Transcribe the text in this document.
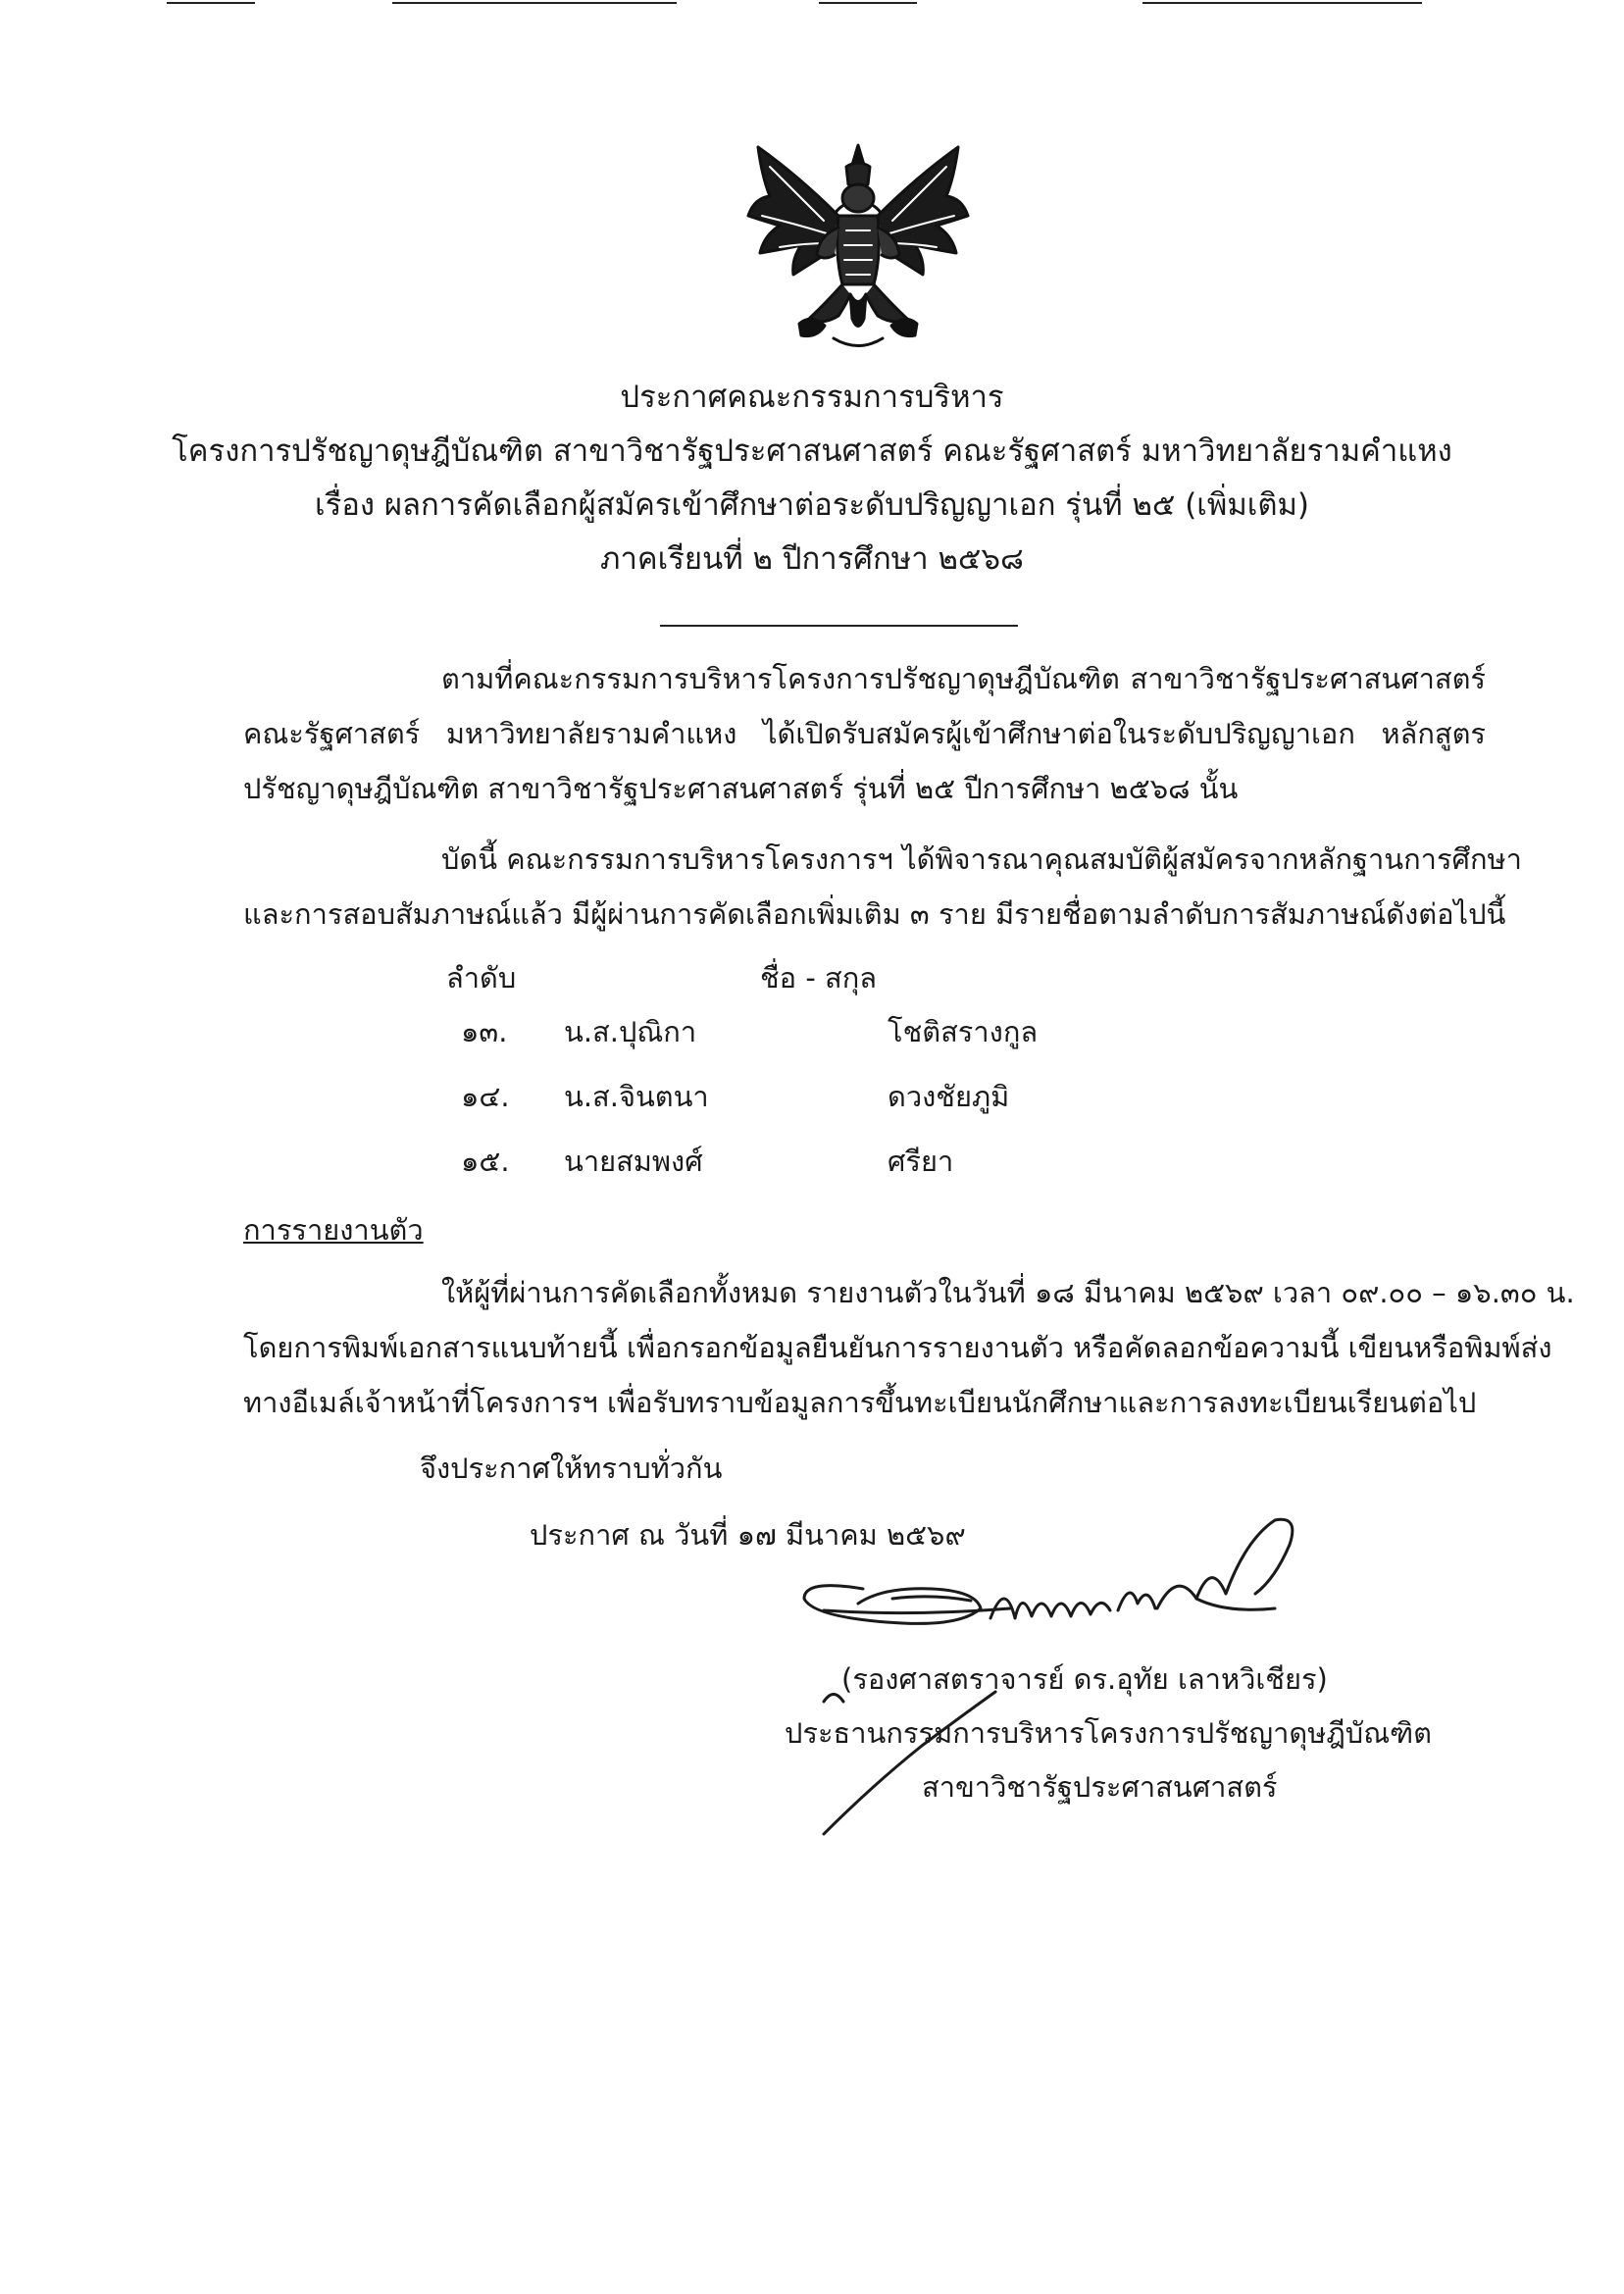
ประกาศคณะกรรมการบริหาร
โครงการปรัชญาดุษฎีบัณฑิต สาขาวิชารัฐประศาสนศาสตร์ คณะรัฐศาสตร์ มหาวิทยาลัยรามคำแหง
เรื่อง ผลการคัดเลือกผู้สมัครเข้าศึกษาต่อระดับปริญญาเอก รุ่นที่ ๒๕ (เพิ่มเติม)
ภาคเรียนที่ ๒ ปีการศึกษา ๒๕๖๘
ตามที่คณะกรรมการบริหารโครงการปรัชญาดุษฎีบัณฑิต สาขาวิชารัฐประศาสนศาสตร์
คณะรัฐศาสตร์ มหาวิทยาลัยรามคำแหง ได้เปิดรับสมัครผู้เข้าศึกษาต่อในระดับปริญญาเอก หลักสูตร
ปรัชญาดุษฎีบัณฑิต สาขาวิชารัฐประศาสนศาสตร์ รุ่นที่ ๒๕ ปีการศึกษา ๒๕๖๘ นั้น
บัดนี้ คณะกรรมการบริหารโครงการฯ ได้พิจารณาคุณสมบัติผู้สมัครจากหลักฐานการศึกษา
และการสอบสัมภาษณ์แล้ว มีผู้ผ่านการคัดเลือกเพิ่มเติม ๓ ราย มีรายชื่อตามลำดับการสัมภาษณ์ดังต่อไปนี้
ลำดับ	ชื่อ - สกุล
๑๓. น.ส.ปุณิกา	โชติสรางกูล
๑๔. น.ส.จินตนา	ดวงชัยภูมิ
๑๕. นายสมพงศ์	ศรียา
การรายงานตัว
ให้ผู้ที่ผ่านการคัดเลือกทั้งหมด รายงานตัวในวันที่ ๑๘ มีนาคม ๒๕๖๙ เวลา ๐๙.๐๐ – ๑๖.๓๐ น.
โดยการพิมพ์เอกสารแนบท้ายนี้ เพื่อกรอกข้อมูลยืนยันการรายงานตัว หรือคัดลอกข้อความนี้ เขียนหรือพิมพ์ส่ง
ทางอีเมล์เจ้าหน้าที่โครงการฯ เพื่อรับทราบข้อมูลการขึ้นทะเบียนนักศึกษาและการลงทะเบียนเรียนต่อไป
จึงประกาศให้ทราบทั่วกัน
ประกาศ ณ วันที่ ๑๗ มีนาคม ๒๕๖๙
(รองศาสตราจารย์ ดร.อุทัย เลาหวิเชียร)
ประธานกรรมการบริหารโครงการปรัชญาดุษฎีบัณฑิต
สาขาวิชารัฐประศาสนศาสตร์
